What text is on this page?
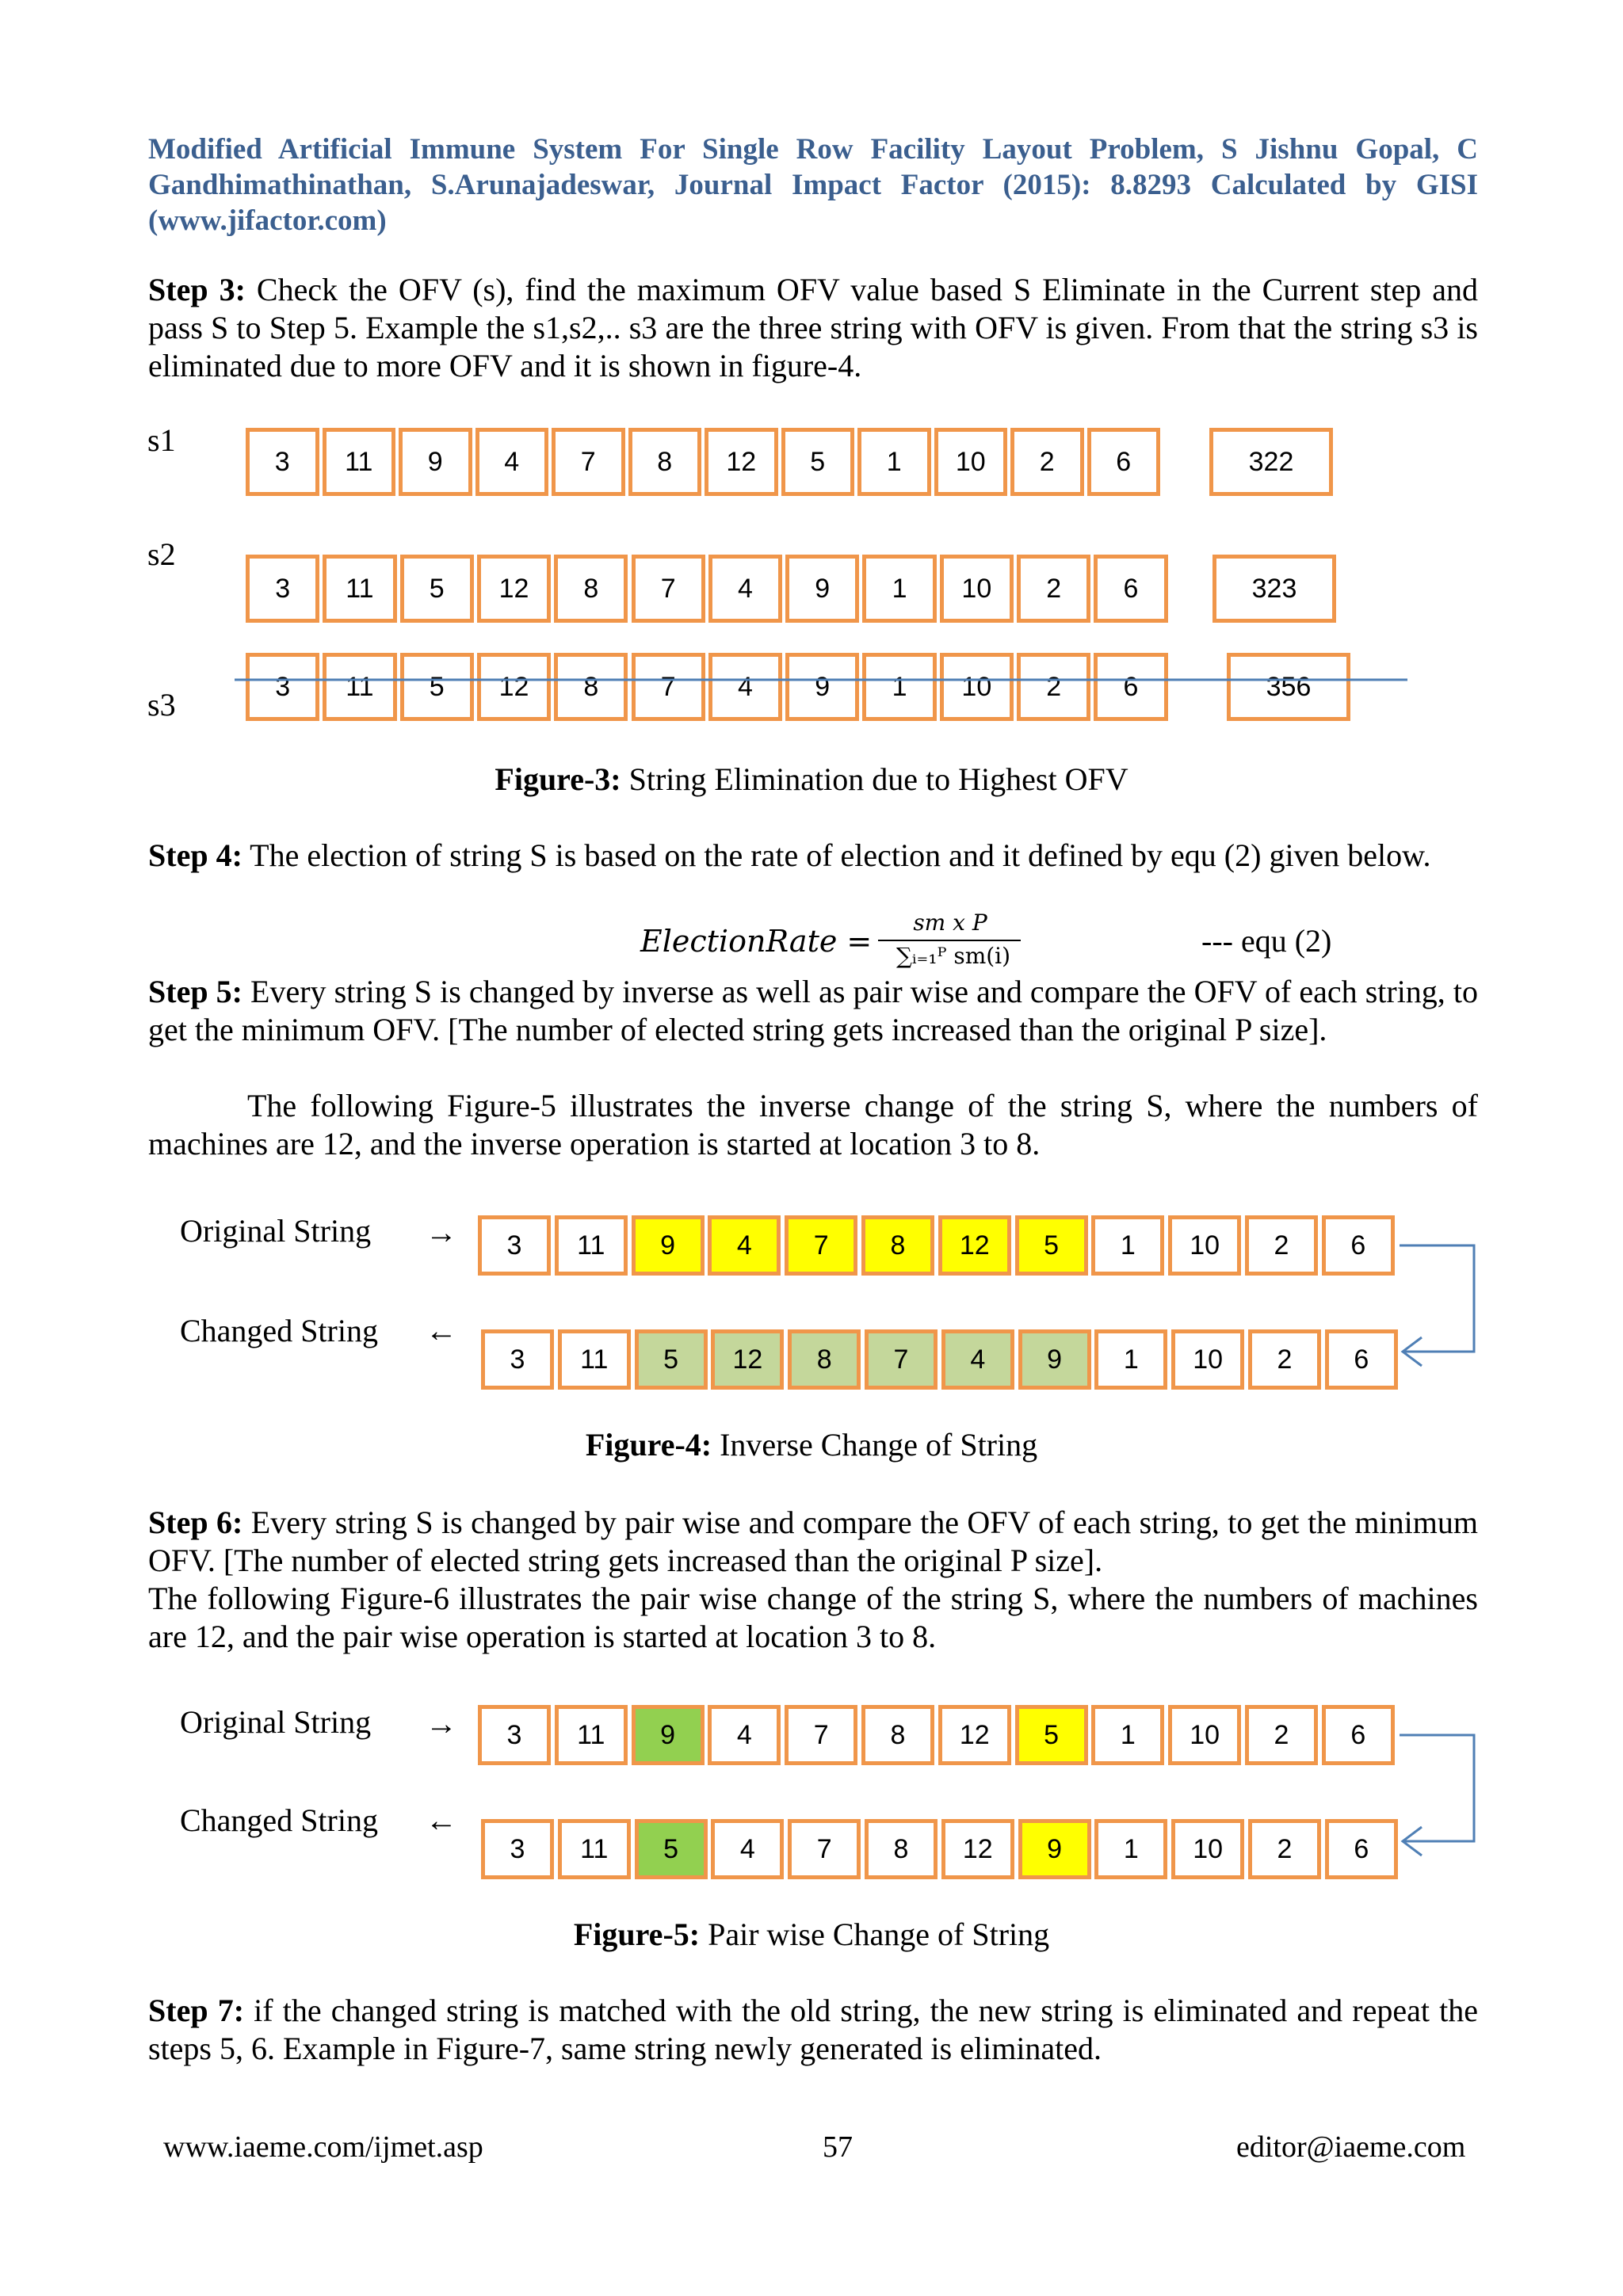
Modified Artificial Immune System For Single Row Facility Layout Problem, S Jishnu Gopal, C Gandhimathinathan, S.Arunajadeswar, Journal Impact Factor (2015): 8.8293 Calculated by GISI (www.jifactor.com)
Step 3: Check the OFV (s), find the maximum OFV value based S Eliminate in the Current step and pass S to Step 5. Example the s1,s2,.. s3 are the three string with OFV is given. From that the string s3 is eliminated due to more OFV and it is shown in figure-4.
s1
3	11	9	4	7	8	12	5	1	10	2	6	322
s2
3	11	5	12	8	7	4	9	1	10	2	6	323
s3
3	11	5	12	8	7	4	9	1	10	2	6	356
Figure-3: String Elimination due to Highest OFV
Step 4: The election of string S is based on the rate of election and it defined by equ (2) given below.
ElectionRate =
sm x P
∑ᵢ₌₁ᴾ sm(i)	--- equ (2)
Step 5: Every string S is changed by inverse as well as pair wise and compare the OFV of each string, to get the minimum OFV. [The number of elected string gets increased than the original P size].
The following Figure-5 illustrates the inverse change of the string S, where the numbers of machines are 12, and the inverse operation is started at location 3 to 8.
Original String →
Changed String ←
3	11	9	4	7	8	12	5	1	10	2	6
3	11	5	12	8	7	4	9	1	10	2	6
Figure-4: Inverse Change of String
Step 6: Every string S is changed by pair wise and compare the OFV of each string, to get the minimum OFV. [The number of elected string gets increased than the original P size].
The following Figure-6 illustrates the pair wise change of the string S, where the numbers of machines are 12, and the pair wise operation is started at location 3 to 8.
Original String →
Changed String ←
3	11	9	4	7	8	12	5	1	10	2	6
3	11	5	4	7	8	12	9	1	10	2	6
Figure-5: Pair wise Change of String
Step 7: if the changed string is matched with the old string, the new string is eliminated and repeat the steps 5, 6. Example in Figure-7, same string newly generated is eliminated.
www.iaeme.com/ijmet.asp	57	editor@iaeme.com
